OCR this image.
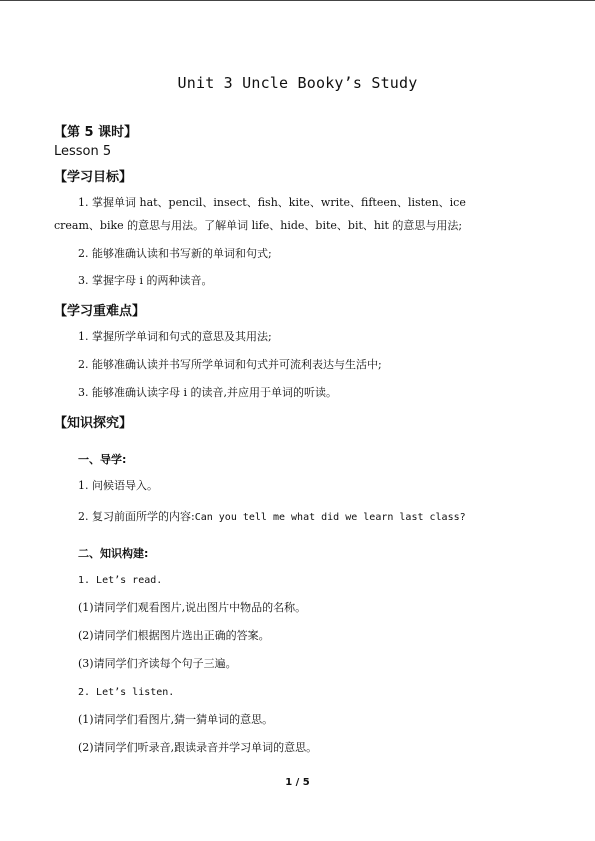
Unit 3 Uncle Booky’s Study
【第 5 课时】
Lesson 5
【学习目标】
1. 掌握单词 hat、pencil、insect、fish、kite、write、fifteen、listen、ice
cream、bike 的意思与用法。了解单词 life、hide、bite、bit、hit 的意思与用法;
2. 能够准确认读和书写新的单词和句式;
3. 掌握字母 i 的两种读音。
【学习重难点】
1. 掌握所学单词和句式的意思及其用法;
2. 能够准确认读并书写所学单词和句式并可流利表达与生活中;
3. 能够准确认读字母 i 的读音,并应用于单词的听读。
【知识探究】
一、导学:
1. 问候语导入。
2. 复习前面所学的内容:Can you tell me what did we learn last class?
二、知识构建:
1. Let’s read.
(1)请同学们观看图片,说出图片中物品的名称。
(2)请同学们根据图片选出正确的答案。
(3)请同学们齐读每个句子三遍。
2. Let’s listen.
(1)请同学们看图片,猜一猜单词的意思。
(2)请同学们听录音,跟读录音并学习单词的意思。
1 / 5
